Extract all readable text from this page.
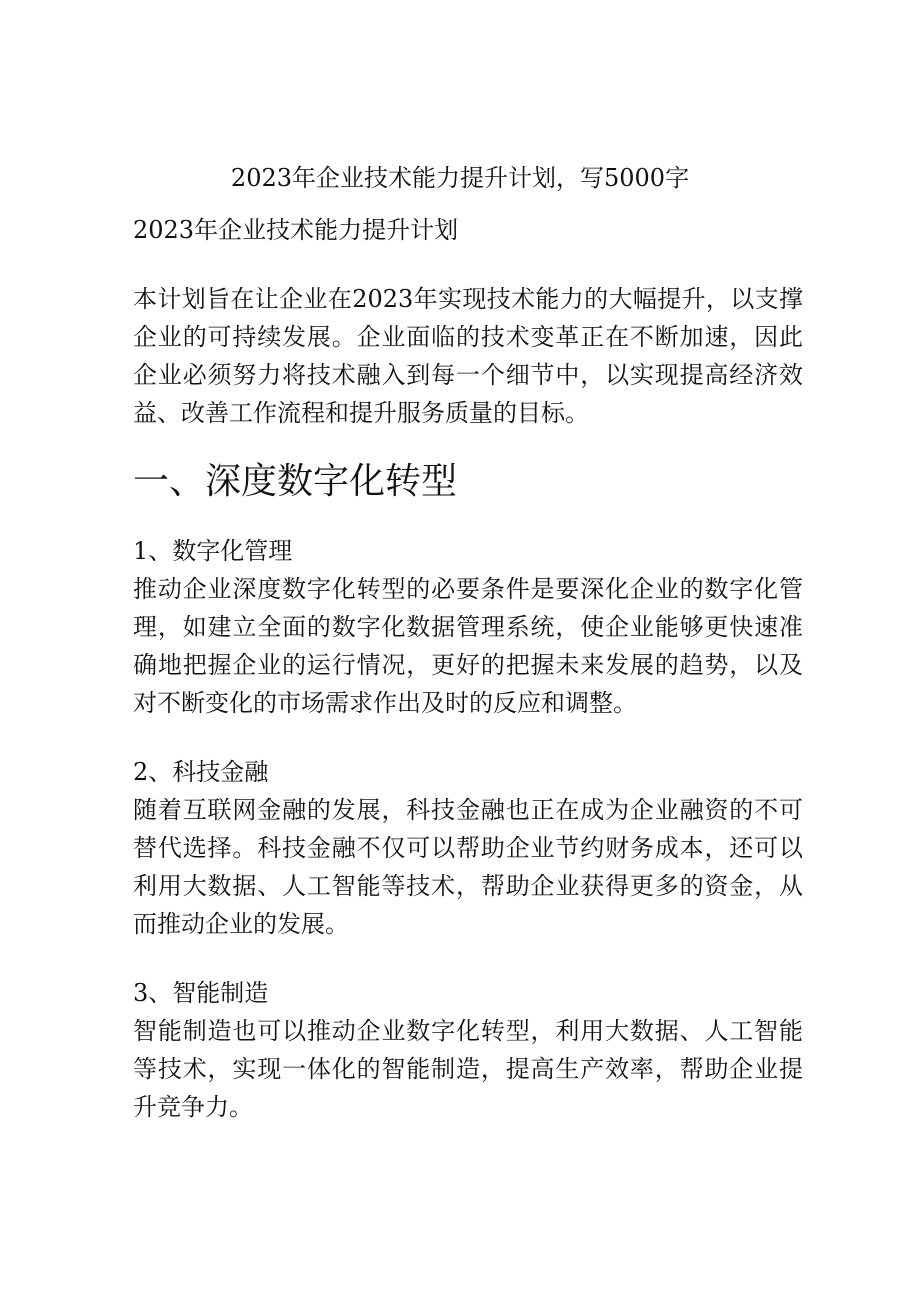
2023年企业技术能力提升计划，写5000字

2023年企业技术能力提升计划

本计划旨在让企业在2023年实现技术能力的大幅提升，以支撑企业的可持续发展。企业面临的技术变革正在不断加速，因此企业必须努力将技术融入到每一个细节中，以实现提高经济效益、改善工作流程和提升服务质量的目标。

一、深度数字化转型
1、数字化管理

推动企业深度数字化转型的必要条件是要深化企业的数字化管理，如建立全面的数字化数据管理系统，使企业能够更快速准确地把握企业的运行情况，更好的把握未来发展的趋势，以及对不断变化的市场需求作出及时的反应和调整。

2、科技金融

随着互联网金融的发展，科技金融也正在成为企业融资的不可替代选择。科技金融不仅可以帮助企业节约财务成本，还可以利用大数据、人工智能等技术，帮助企业获得更多的资金，从而推动企业的发展。

3、智能制造

智能制造也可以推动企业数字化转型，利用大数据、人工智能等技术，实现一体化的智能制造，提高生产效率，帮助企业提升竞争力。
